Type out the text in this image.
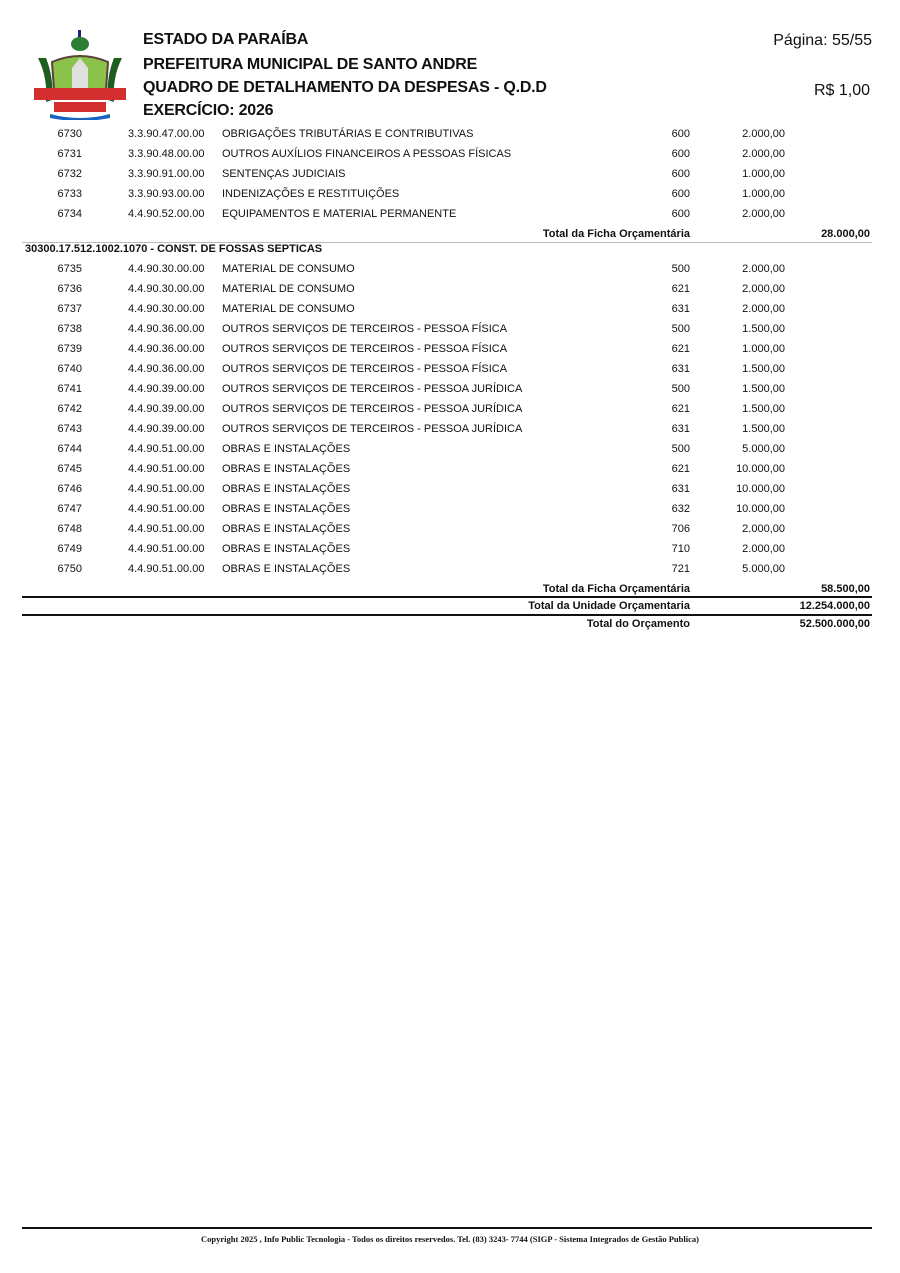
ESTADO DA PARAÍBA
PREFEITURA MUNICIPAL DE SANTO ANDRE
QUADRO DE DETALHAMENTO DA DESPESAS - Q.D.D
EXERCÍCIO: 2026
Página: 55/55
R$ 1,00
6730	3.3.90.47.00.00 OBRIGAÇÕES TRIBUTÁRIAS E CONTRIBUTIVAS	600	2.000,00
6731	3.3.90.48.00.00 OUTROS AUXÍLIOS FINANCEIROS A PESSOAS FÍSICAS	600	2.000,00
6732	3.3.90.91.00.00 SENTENÇAS JUDICIAIS	600	1.000,00
6733	3.3.90.93.00.00 INDENIZAÇÕES E RESTITUIÇÕES	600	1.000,00
6734	4.4.90.52.00.00 EQUIPAMENTOS E MATERIAL PERMANENTE	600	2.000,00
Total da Ficha Orçamentária	28.000,00
30300.17.512.1002.1070 - CONST. DE FOSSAS SEPTICAS
6735	4.4.90.30.00.00 MATERIAL DE CONSUMO	500	2.000,00
6736	4.4.90.30.00.00 MATERIAL DE CONSUMO	621	2.000,00
6737	4.4.90.30.00.00 MATERIAL DE CONSUMO	631	2.000,00
6738	4.4.90.36.00.00 OUTROS SERVIÇOS DE TERCEIROS - PESSOA FÍSICA	500	1.500,00
6739	4.4.90.36.00.00 OUTROS SERVIÇOS DE TERCEIROS - PESSOA FÍSICA	621	1.000,00
6740	4.4.90.36.00.00 OUTROS SERVIÇOS DE TERCEIROS - PESSOA FÍSICA	631	1.500,00
6741	4.4.90.39.00.00 OUTROS SERVIÇOS DE TERCEIROS - PESSOA JURÍDICA	500	1.500,00
6742	4.4.90.39.00.00 OUTROS SERVIÇOS DE TERCEIROS - PESSOA JURÍDICA	621	1.500,00
6743	4.4.90.39.00.00 OUTROS SERVIÇOS DE TERCEIROS - PESSOA JURÍDICA	631	1.500,00
6744	4.4.90.51.00.00 OBRAS E INSTALAÇÕES	500	5.000,00
6745	4.4.90.51.00.00 OBRAS E INSTALAÇÕES	621	10.000,00
6746	4.4.90.51.00.00 OBRAS E INSTALAÇÕES	631	10.000,00
6747	4.4.90.51.00.00 OBRAS E INSTALAÇÕES	632	10.000,00
6748	4.4.90.51.00.00 OBRAS E INSTALAÇÕES	706	2.000,00
6749	4.4.90.51.00.00 OBRAS E INSTALAÇÕES	710	2.000,00
6750	4.4.90.51.00.00 OBRAS E INSTALAÇÕES	721	5.000,00
Total da Ficha Orçamentária	58.500,00
Total da Unidade Orçamentaria	12.254.000,00
Total do Orçamento	52.500.000,00
Copyright 2025 , Info Public Tecnologia - Todos os direitos reservedos. Tel. (83) 3243- 7744 (SIGP - Sistema Integrados de Gestão Publica)
